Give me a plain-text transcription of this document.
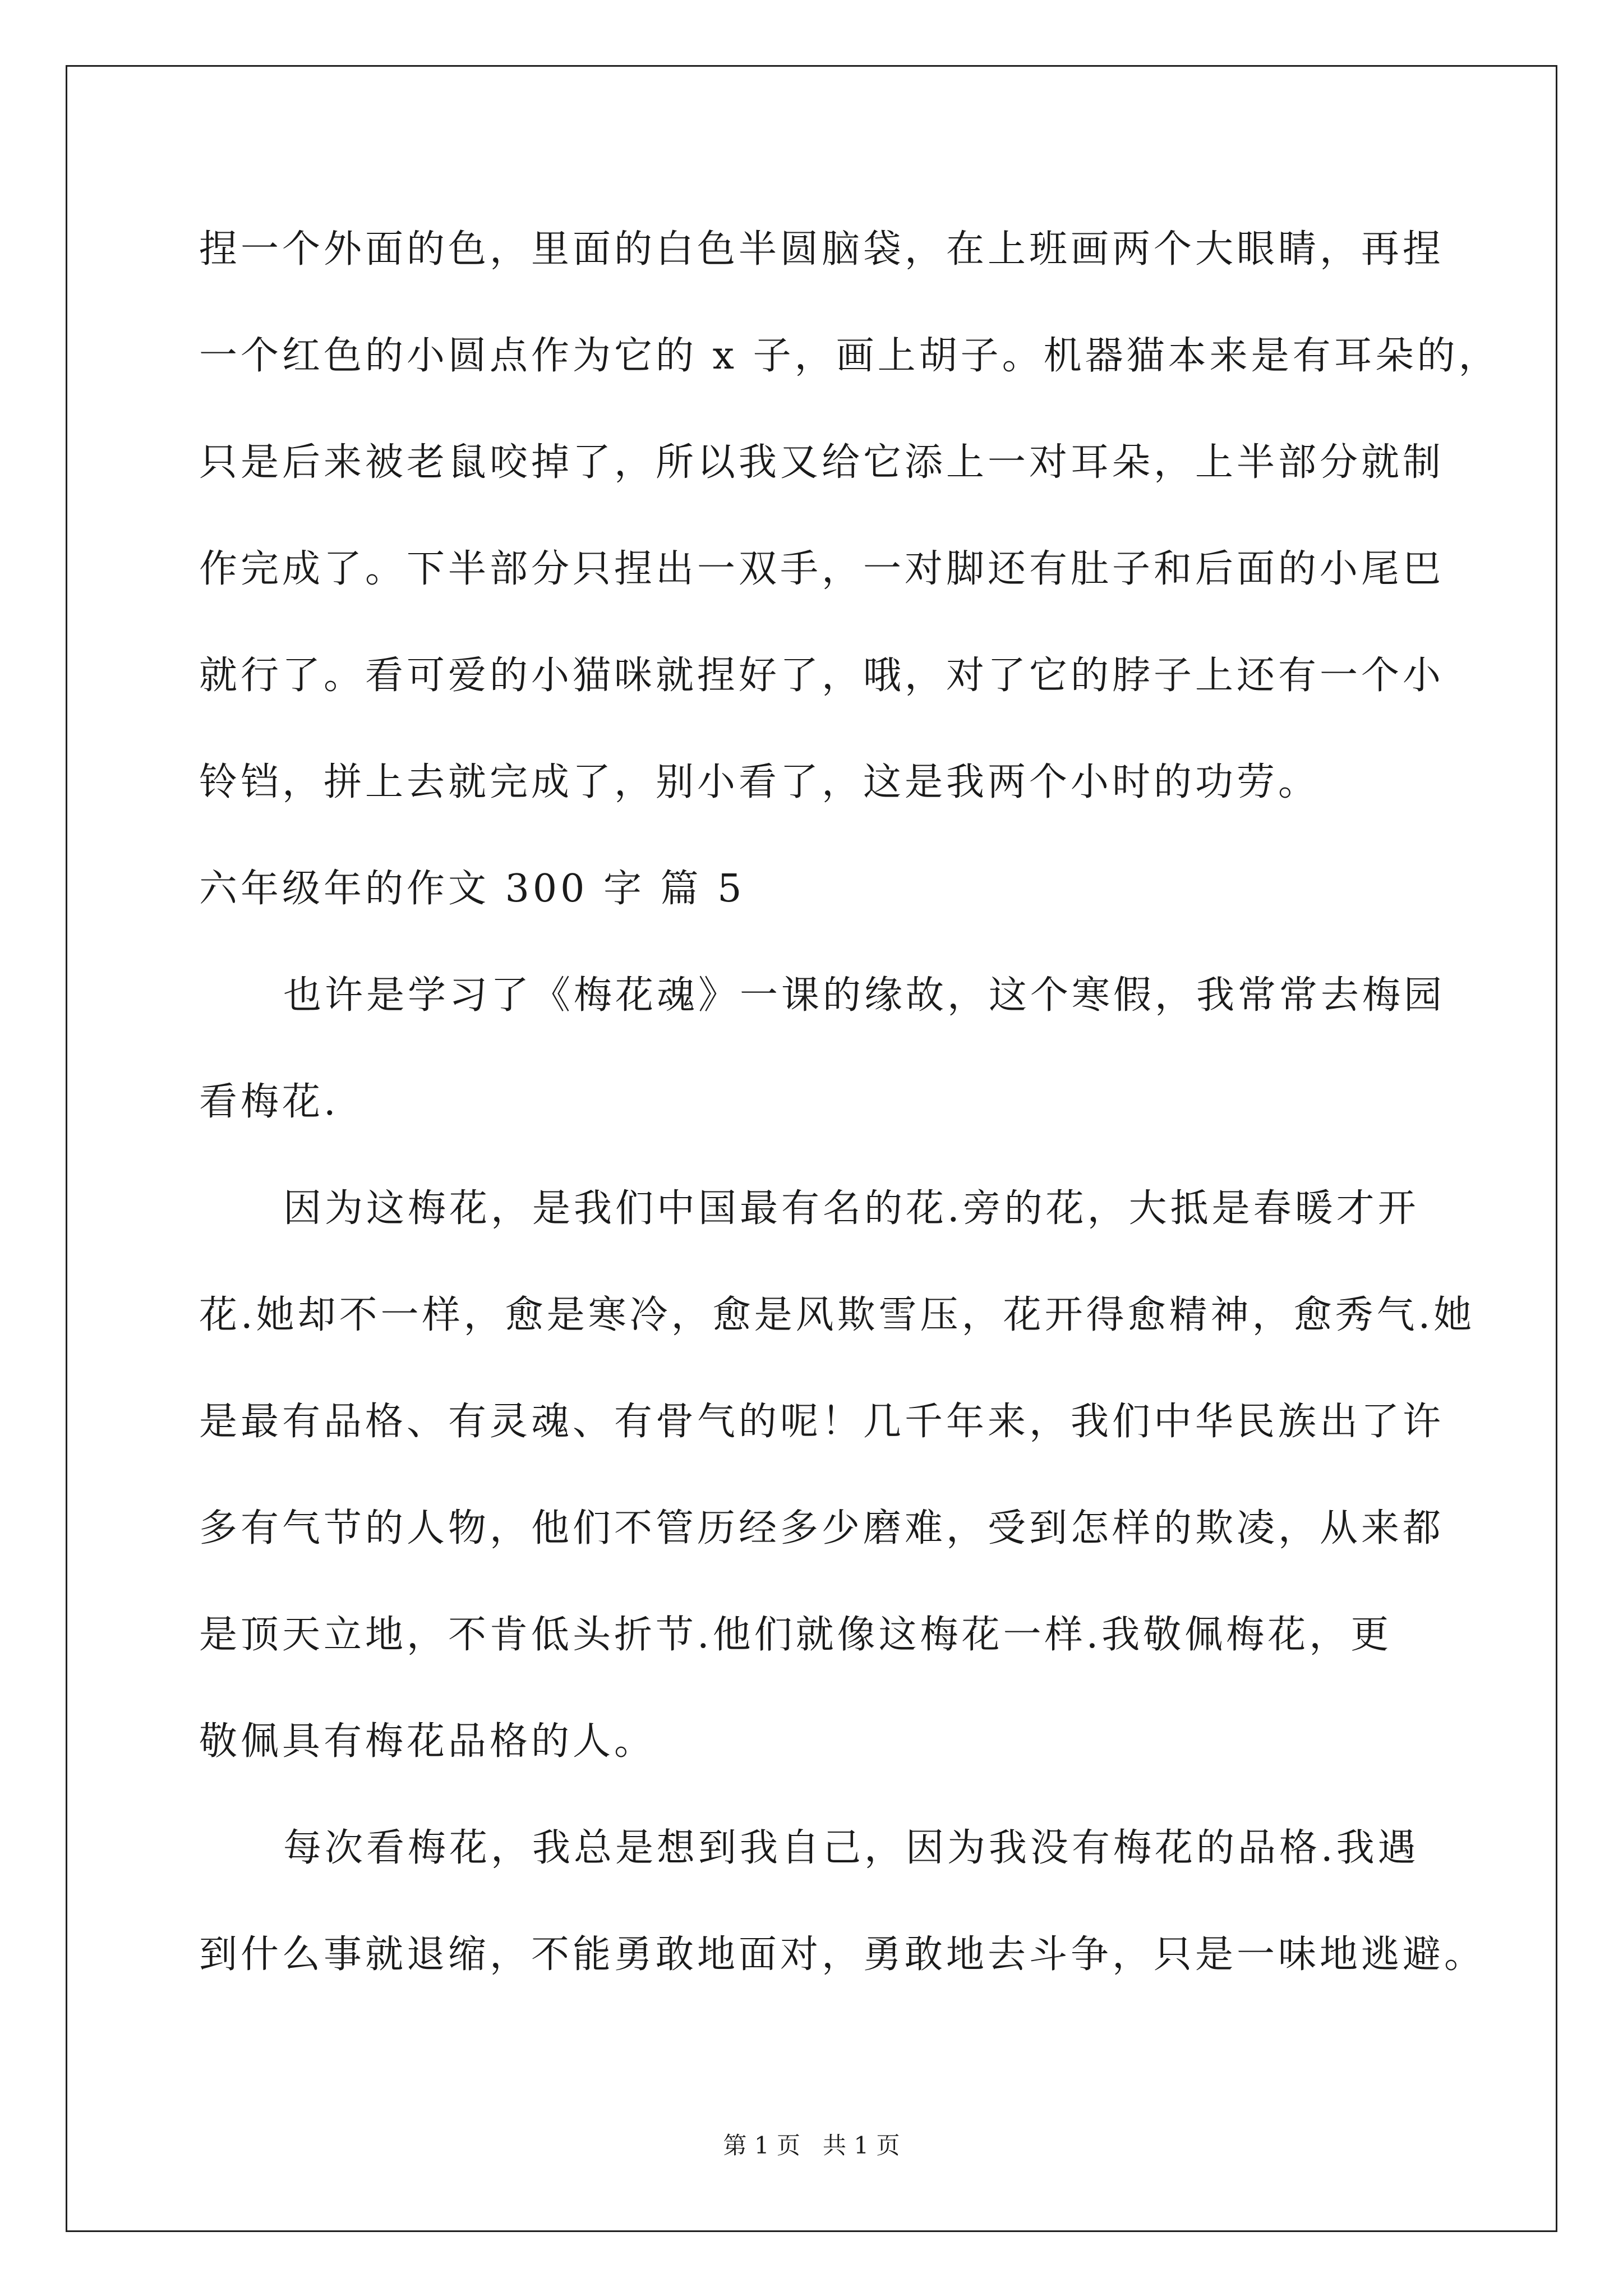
捏一个外面的色，里面的白色半圆脑袋，在上班画两个大眼睛，再捏
一个红色的小圆点作为它的 x 子，画上胡子。机器猫本来是有耳朵的，
只是后来被老鼠咬掉了，所以我又给它添上一对耳朵，上半部分就制
作完成了。下半部分只捏出一双手，一对脚还有肚子和后面的小尾巴
就行了。看可爱的小猫咪就捏好了，哦，对了它的脖子上还有一个小
铃铛，拼上去就完成了，别小看了，这是我两个小时的功劳。
六年级年的作文 300 字 篇 5
也许是学习了《梅花魂》一课的缘故，这个寒假，我常常去梅园
看梅花.
因为这梅花，是我们中国最有名的花.旁的花，大抵是春暖才开
花.她却不一样，愈是寒冷，愈是风欺雪压，花开得愈精神，愈秀气.她
是最有品格、有灵魂、有骨气的呢！几千年来，我们中华民族出了许
多有气节的人物，他们不管历经多少磨难，受到怎样的欺凌，从来都
是顶天立地，不肯低头折节.他们就像这梅花一样.我敬佩梅花，更
敬佩具有梅花品格的人。
每次看梅花，我总是想到我自己，因为我没有梅花的品格.我遇
到什么事就退缩，不能勇敢地面对，勇敢地去斗争，只是一味地逃避。
第 1 页   共 1 页
